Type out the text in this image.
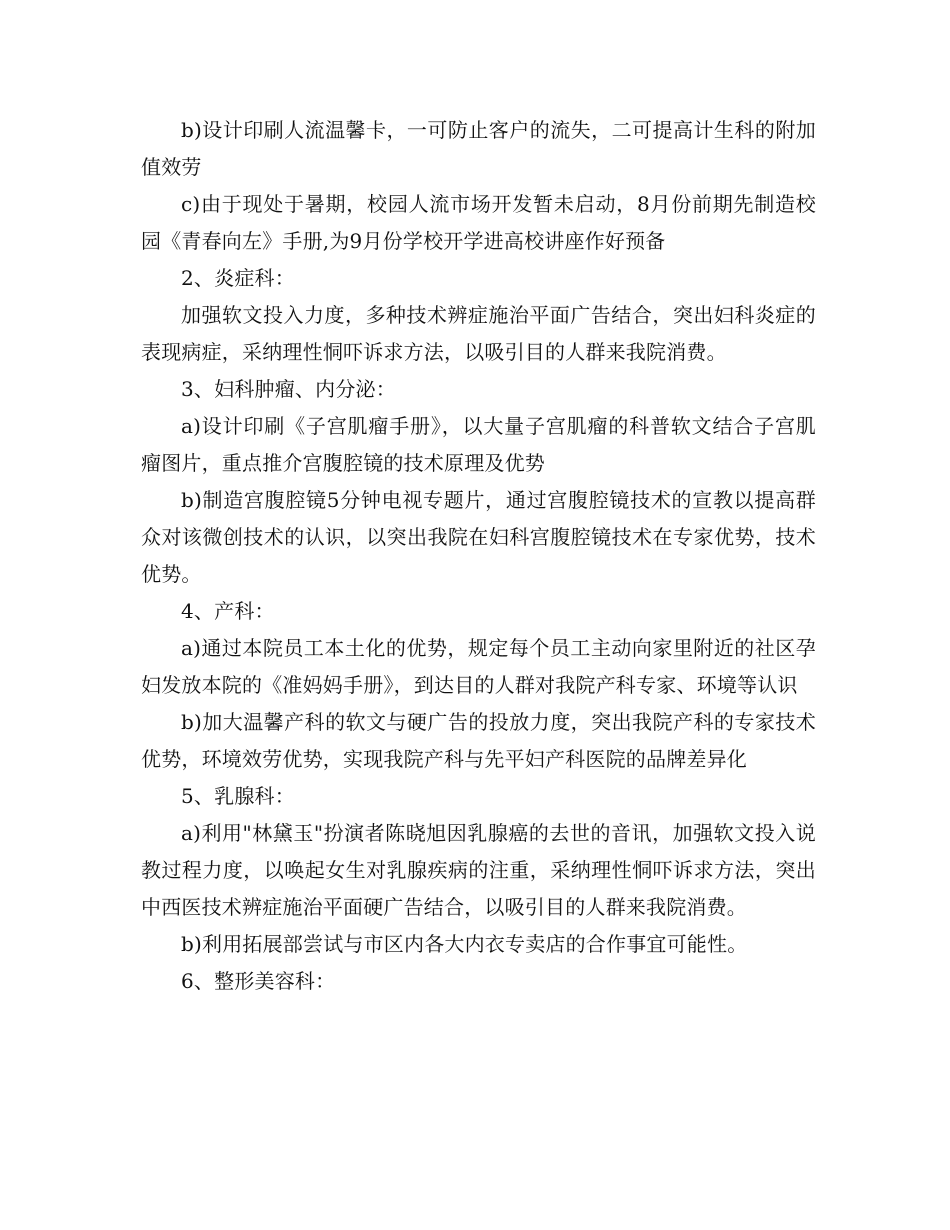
b)设计印刷人流温馨卡，一可防止客户的流失，二可提高计生科的附加值效劳

c)由于现处于暑期，校园人流市场开发暂未启动，8月份前期先制造校园《青春向左》手册,为9月份学校开学进高校讲座作好预备

2、炎症科：

加强软文投入力度，多种技术辨症施治平面广告结合，突出妇科炎症的表现病症，采纳理性恫吓诉求方法，以吸引目的人群来我院消费。

3、妇科肿瘤、内分泌：

a)设计印刷《子宫肌瘤手册》，以大量子宫肌瘤的科普软文结合子宫肌瘤图片，重点推介宫腹腔镜的技术原理及优势

b)制造宫腹腔镜5分钟电视专题片，通过宫腹腔镜技术的宣教以提高群众对该微创技术的认识，以突出我院在妇科宫腹腔镜技术在专家优势，技术优势。

4、产科：

a)通过本院员工本土化的优势，规定每个员工主动向家里附近的社区孕妇发放本院的《准妈妈手册》，到达目的人群对我院产科专家、环境等认识

b)加大温馨产科的软文与硬广告的投放力度，突出我院产科的专家技术优势，环境效劳优势，实现我院产科与先平妇产科医院的品牌差异化

5、乳腺科：

a)利用"林黛玉"扮演者陈晓旭因乳腺癌的去世的音讯，加强软文投入说教过程力度，以唤起女生对乳腺疾病的注重，采纳理性恫吓诉求方法，突出中西医技术辨症施治平面硬广告结合，以吸引目的人群来我院消费。

b)利用拓展部尝试与市区内各大内衣专卖店的合作事宜可能性。

6、整形美容科：
